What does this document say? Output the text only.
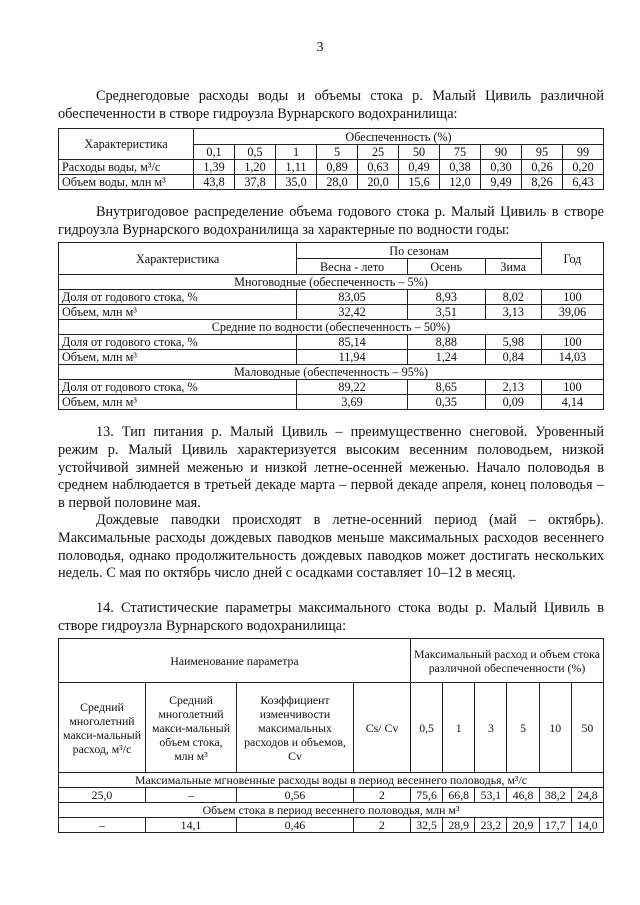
3

Среднегодовые расходы воды и объемы стока р. Малый Цивиль различной обеспеченности в створе гидроузла Вурнарского водохранилища:

Характеристика	Обеспеченность (%)									
	0,1	0,5	1	5	25	50	75	90	95	99
Расходы воды, м³/с	1,39	1,20	1,11	0,89	0,63	0,49	0,38	0,30	0,26	0,20
Объем воды, млн м³	43,8	37,8	35,0	28,0	20,0	15,6	12,0	9,49	8,26	6,43

Внутригодовое распределение объема годового стока р. Малый Цивиль в створе гидроузла Вурнарского водохранилища за характерные по водности годы:

Характеристика	По сезонам			Год
	Весна - лето	Осень	Зима	
Многоводные (обеспеченность – 5%)				
Доля от годового стока, %	83,05	8,93	8,02	100
Объем, млн м³	32,42	3,51	3,13	39,06
Средние по водности (обеспеченность – 50%)				
Доля от годового стока, %	85,14	8,88	5,98	100
Объем, млн м³	11,94	1,24	0,84	14,03
Маловодные (обеспеченность – 95%)				
Доля от годового стока, %	89,22	8,65	2,13	100
Объем, млн м³	3,69	0,35	0,09	4,14

13. Тип питания р. Малый Цивиль – преимущественно снеговой. Уровенный режим р. Малый Цивиль характеризуется высоким весенним половодьем, низкой устойчивой зимней меженью и низкой летне-осенней меженью. Начало половодья в среднем наблюдается в третьей декаде марта – первой декаде апреля, конец половодья – в первой половине мая.

Дождевые паводки происходят в летне-осенний период (май – октябрь). Максимальные расходы дождевых паводков меньше максимальных расходов весеннего половодья, однако продолжительность дождевых паводков может достигать нескольких недель. С мая по октябрь число дней с осадками составляет 10–12 в месяц.

14. Статистические параметры максимального стока воды р. Малый Цивиль в створе гидроузла Вурнарского водохранилища:

Наименование параметра				Максимальный расход и объем стока различной обеспеченности (%)					
Средний многолетний макси-мальный расход, м³/с	Средний многолетний макси-мальный объем стока, млн м³	Коэффициент изменчивости максимальных расходов и объемов, Cv	Cs/ Cv	0,5	1	3	5	10	50
Максимальные мгновенные расходы воды в период весеннего половодья, м³/с									
25,0	–	0,56	2	75,6	66,8	53,1	46,8	38,2	24,8
Объем стока в период весеннего половодья, млн м³									
–	14,1	0,46	2	32,5	28,9	23,2	20,9	17,7	14,0
